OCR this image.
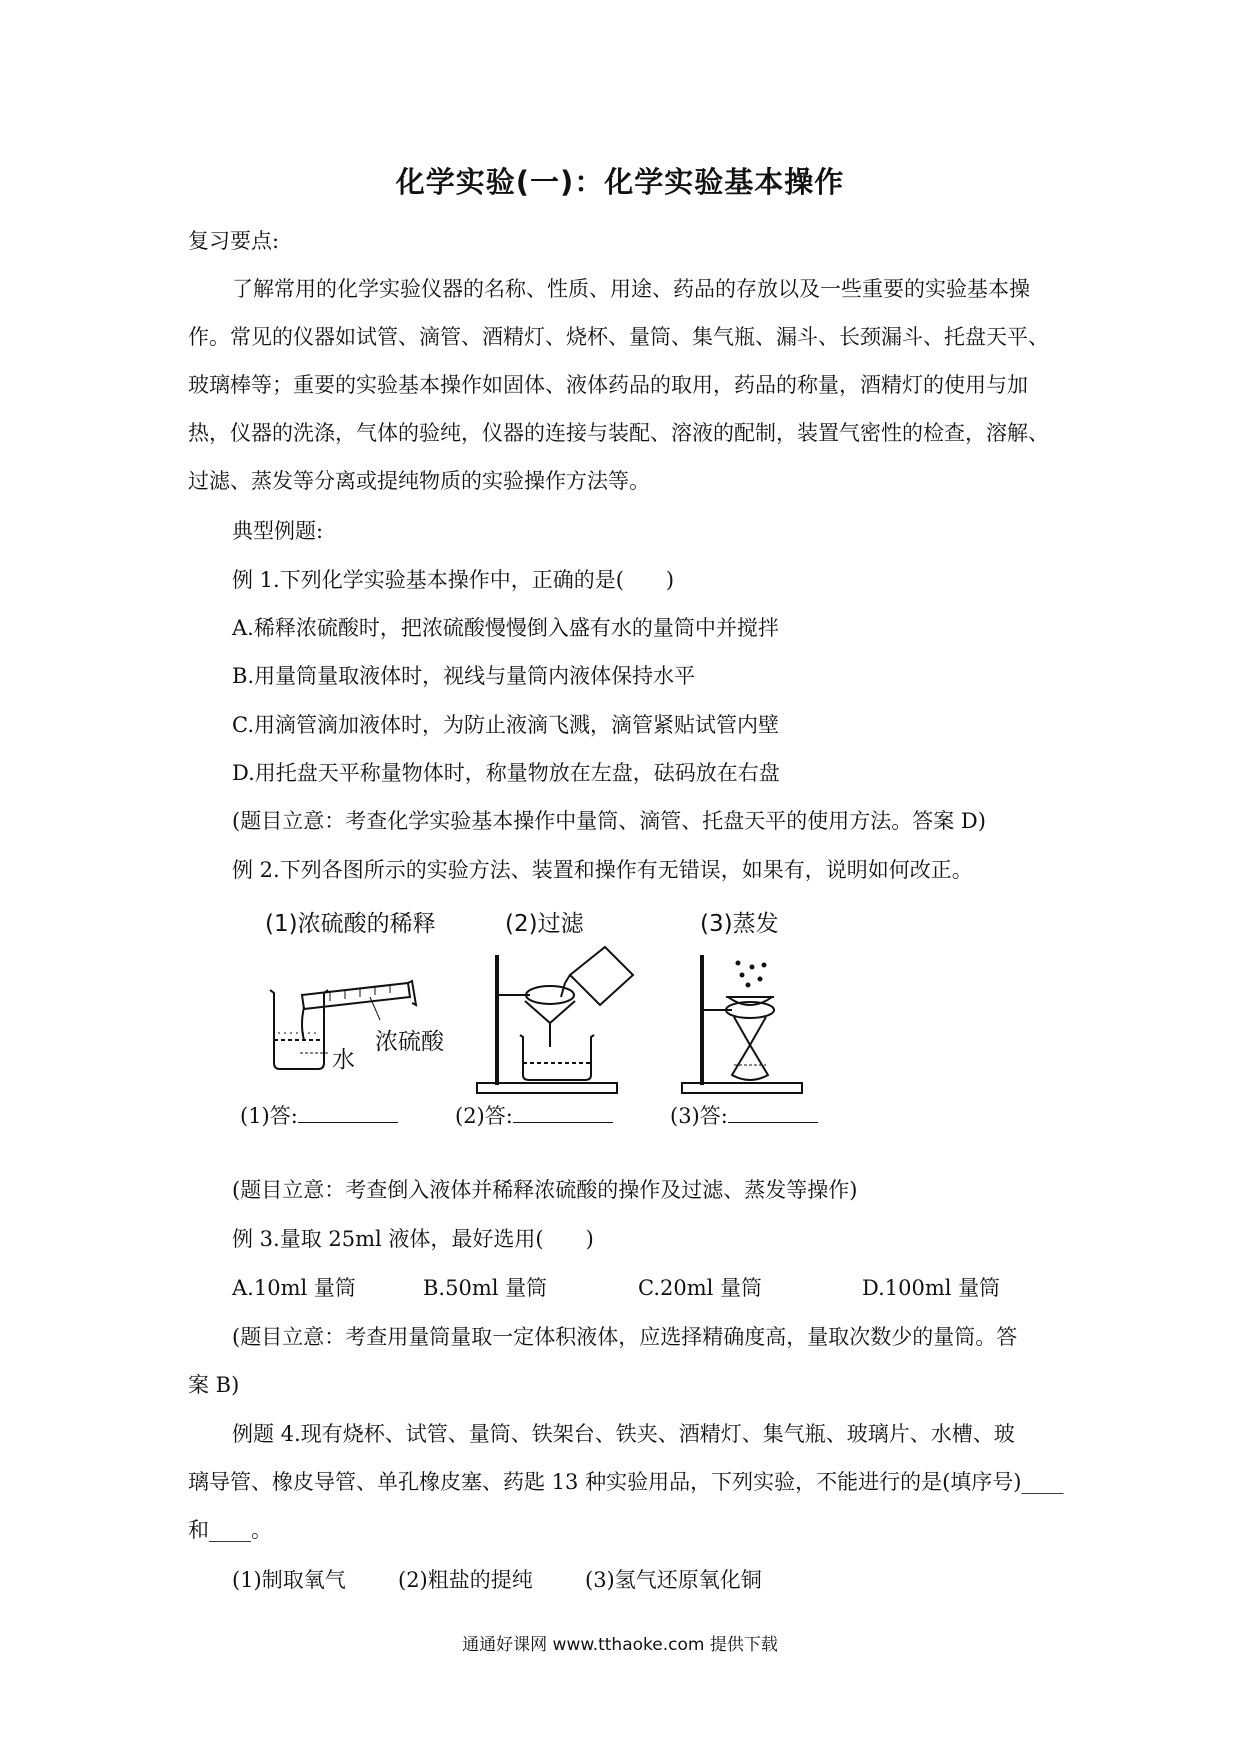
化学实验(一)：化学实验基本操作
复习要点:
了解常用的化学实验仪器的名称、性质、用途、药品的存放以及一些重要的实验基本操
作。常见的仪器如试管、滴管、酒精灯、烧杯、量筒、集气瓶、漏斗、长颈漏斗、托盘天平、
玻璃棒等；重要的实验基本操作如固体、液体药品的取用，药品的称量，酒精灯的使用与加
热，仪器的洗涤，气体的验纯，仪器的连接与装配、溶液的配制，装置气密性的检查，溶解、
过滤、蒸发等分离或提纯物质的实验操作方法等。
典型例题:
例 1.下列化学实验基本操作中，正确的是(　　)
A.稀释浓硫酸时，把浓硫酸慢慢倒入盛有水的量筒中并搅拌
B.用量筒量取液体时，视线与量筒内液体保持水平
C.用滴管滴加液体时，为防止液滴飞溅，滴管紧贴试管内壁
D.用托盘天平称量物体时，称量物放在左盘，砝码放在右盘
(题目立意：考查化学实验基本操作中量筒、滴管、托盘天平的使用方法。答案 D)
例 2.下列各图所示的实验方法、装置和操作有无错误，如果有，说明如何改正。
(1)浓硫酸的稀释	(2)过滤	(3)蒸发
浓硫酸
水
(1)答:	(2)答:	(3)答:
(题目立意：考查倒入液体并稀释浓硫酸的操作及过滤、蒸发等操作)
例 3.量取 25ml 液体，最好选用(　　)
A.10ml 量筒	B.50ml 量筒	C.20ml 量筒	D.100ml 量筒
(题目立意：考查用量筒量取一定体积液体，应选择精确度高，量取次数少的量筒。答
案 B)
例题 4.现有烧杯、试管、量筒、铁架台、铁夹、酒精灯、集气瓶、玻璃片、水槽、玻
璃导管、橡皮导管、单孔橡皮塞、药匙 13 种实验用品，下列实验，不能进行的是(填序号)____
和____。
(1)制取氧气 (2)粗盐的提纯 (3)氢气还原氧化铜
通通好课网 www.tthaoke.com 提供下载
